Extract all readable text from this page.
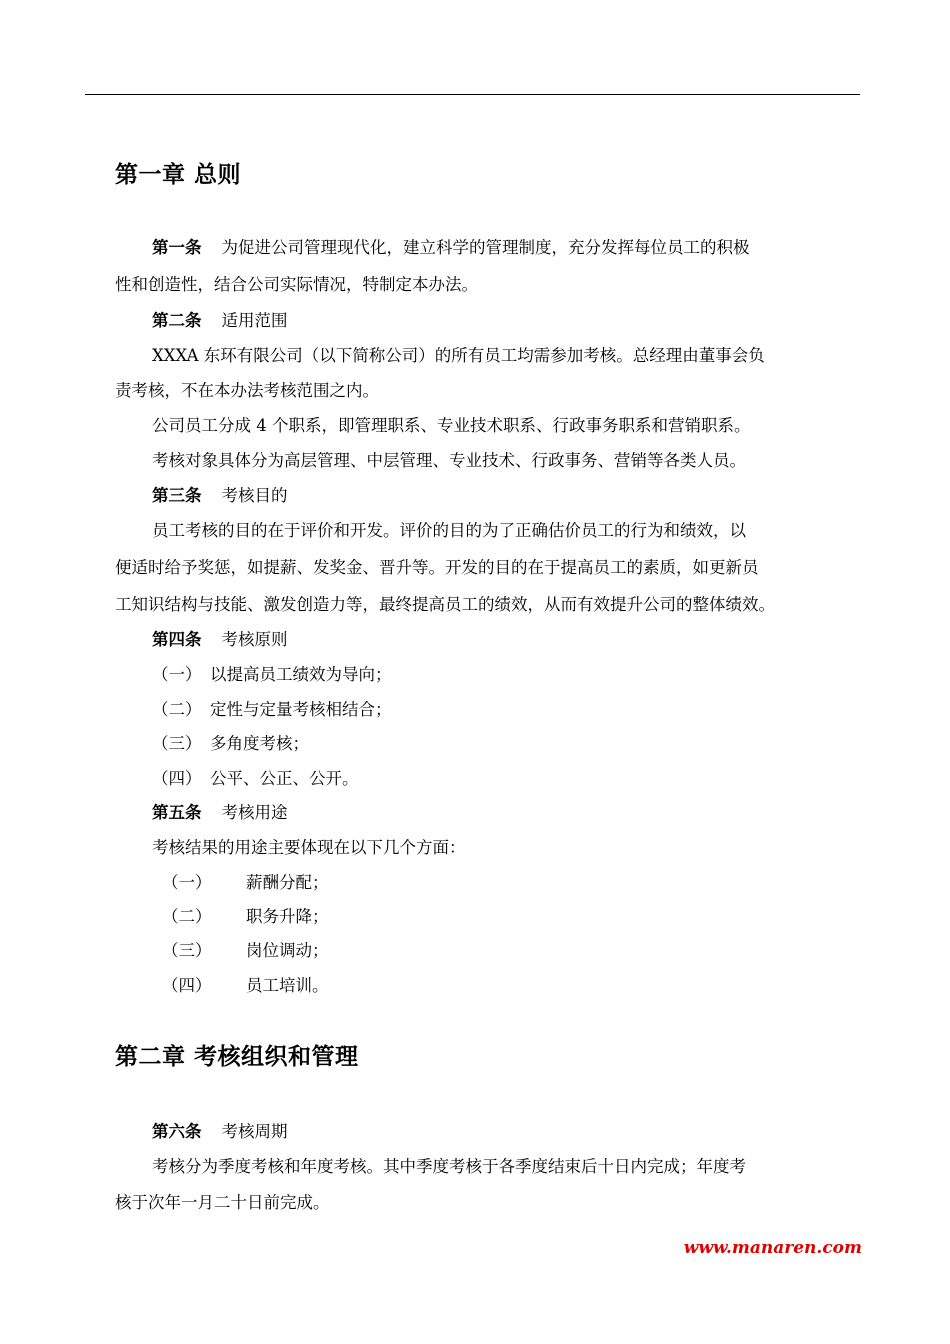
第一章 总则
第一条 为促进公司管理现代化，建立科学的管理制度，充分发挥每位员工的积极
性和创造性，结合公司实际情况，特制定本办法。
第二条 适用范围
XXXA 东环有限公司（以下简称公司）的所有员工均需参加考核。总经理由董事会负
责考核，不在本办法考核范围之内。
公司员工分成 4 个职系，即管理职系、专业技术职系、行政事务职系和营销职系。
考核对象具体分为高层管理、中层管理、专业技术、行政事务、营销等各类人员。
第三条 考核目的
员工考核的目的在于评价和开发。评价的目的为了正确估价员工的行为和绩效，以
便适时给予奖惩，如提薪、发奖金、晋升等。开发的目的在于提高员工的素质，如更新员
工知识结构与技能、激发创造力等，最终提高员工的绩效，从而有效提升公司的整体绩效。
第四条 考核原则
（一） 以提高员工绩效为导向；
（二） 定性与定量考核相结合；
（三） 多角度考核；
（四） 公平、公正、公开。
第五条 考核用途
考核结果的用途主要体现在以下几个方面：
（一） 薪酬分配；
（二） 职务升降；
（三） 岗位调动；
（四） 员工培训。
第二章 考核组织和管理
第六条 考核周期
考核分为季度考核和年度考核。其中季度考核于各季度结束后十日内完成；年度考
核于次年一月二十日前完成。
www.manaren.com
